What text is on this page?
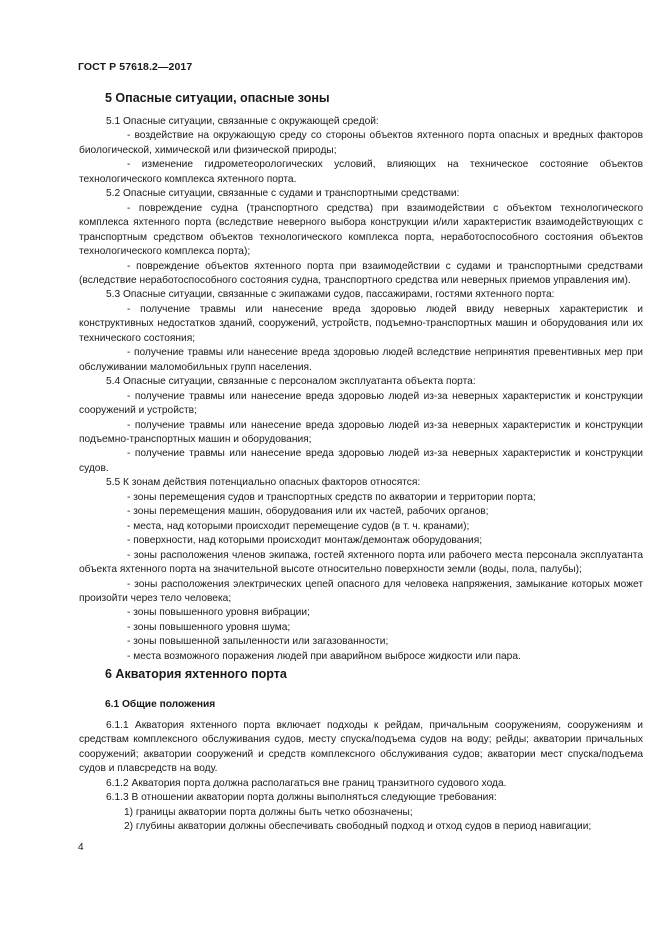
ГОСТ Р 57618.2—2017
5 Опасные ситуации, опасные зоны

5.1 Опасные ситуации, связанные с окружающей средой:

- воздействие на окружающую среду со стороны объектов яхтенного порта опасных и вредных факторов биологической, химической или физической природы;

- изменение гидрометеорологических условий, влияющих на техническое состояние объектов технологического комплекса яхтенного порта.

5.2 Опасные ситуации, связанные с судами и транспортными средствами:

- повреждение судна (транспортного средства) при взаимодействии с объектом технологического комплекса яхтенного порта (вследствие неверного выбора конструкции и/или характеристик взаимодействующих с транспортным средством объектов технологического комплекса порта, неработоспособного состояния объектов технологического комплекса порта);

- повреждение объектов яхтенного порта при взаимодействии с судами и транспортными средствами (вследствие неработоспособного состояния судна, транспортного средства или неверных приемов управления им).

5.3 Опасные ситуации, связанные с экипажами судов, пассажирами, гостями яхтенного порта:

- получение травмы или нанесение вреда здоровью людей ввиду неверных характеристик и конструктивных недостатков зданий, сооружений, устройств, подъемно-транспортных машин и оборудования или их технического состояния;

- получение травмы или нанесение вреда здоровью людей вследствие непринятия превентивных мер при обслуживании маломобильных групп населения.

5.4 Опасные ситуации, связанные с персоналом эксплуатанта объекта порта:

- получение травмы или нанесение вреда здоровью людей из-за неверных характеристик и конструкции сооружений и устройств;

- получение травмы или нанесение вреда здоровью людей из-за неверных характеристик и конструкции подъемно-транспортных машин и оборудования;

- получение травмы или нанесение вреда здоровью людей из-за неверных характеристик и конструкции судов.

5.5 К зонам действия потенциально опасных факторов относятся:

- зоны перемещения судов и транспортных средств по акватории и территории порта;

- зоны перемещения машин, оборудования или их частей, рабочих органов;

- места, над которыми происходит перемещение судов (в т. ч. кранами);

- поверхности, над которыми происходит монтаж/демонтаж оборудования;

- зоны расположения членов экипажа, гостей яхтенного порта или рабочего места персонала эксплуатанта объекта яхтенного порта на значительной высоте относительно поверхности земли (воды, пола, палубы);

- зоны расположения электрических цепей опасного для человека напряжения, замыкание которых может произойти через тело человека;

- зоны повышенного уровня вибрации;

- зоны повышенного уровня шума;

- зоны повышенной запыленности или загазованности;

- места возможного поражения людей при аварийном выбросе жидкости или пара.

6 Акватория яхтенного порта
6.1 Общие положения

6.1.1 Акватория яхтенного порта включает подходы к рейдам, причальным сооружениям, сооружениям и средствам комплексного обслуживания судов, месту спуска/подъема судов на воду; рейды; акватории причальных сооружений; акватории сооружений и средств комплексного обслуживания судов; акватории мест спуска/подъема судов и плавсредств на воду.

6.1.2 Акватория порта должна располагаться вне границ транзитного судового хода.

6.1.3 В отношении акватории порта должны выполняться следующие требования:

1) границы акватории порта должны быть четко обозначены;

2) глубины акватории должны обеспечивать свободный подход и отход судов в период навигации;

4
